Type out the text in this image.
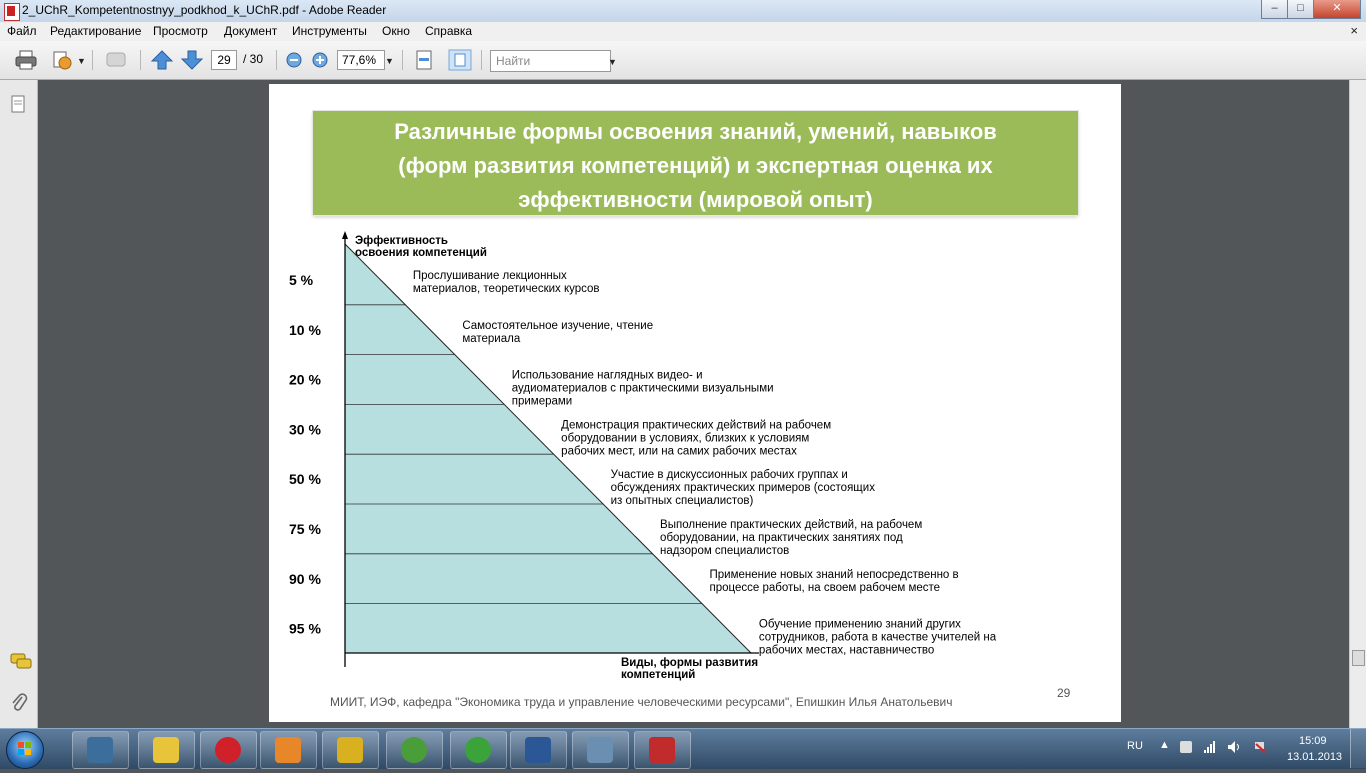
2_UChR_Kompetentnostnyy_podkhod_k_UChR.pdf - Adobe Reader	–	□	✕
Файл Редактирование Просмотр Документ Инструменты Окно Справка	×
▼	29	/ 30	77,6% ▼	Найти	▼
Различные формы освоения знаний, умений, навыков
(форм развития компетенций) и экспертная оценка их
эффективности (мировой опыт)
Эффективность
освоения компетенций
Виды, формы развития
компетенций
5 %	Прослушивание лекционных
материалов, теоретических курсов
10 %	Самостоятельное изучение, чтение
материала
20 %	Использование наглядных видео- и
аудиоматериалов с практическими визуальными
примерами
30 %	Демонстрация практических действий на рабочем
оборудовании в условиях, близких к условиям
рабочих мест, или на самих рабочих местах
50 %	Участие в дискуссионных рабочих группах и
обсуждениях практических примеров (состоящих
из опытных специалистов)
75 %	Выполнение практических действий, на рабочем
оборудовании, на практических занятиях под
надзором специалистов
90 %	Применение новых знаний непосредственно в
процессе работы, на своем рабочем месте
95 %	Обучение применению знаний других
сотрудников, работа в качестве учителей на
рабочих местах, наставничество
29
МИИТ, ИЭФ, кафедра "Экономика труда и управление человеческими ресурсами", Епишкин Илья Анатольевич
RU ▲	15:09
13.01.2013
